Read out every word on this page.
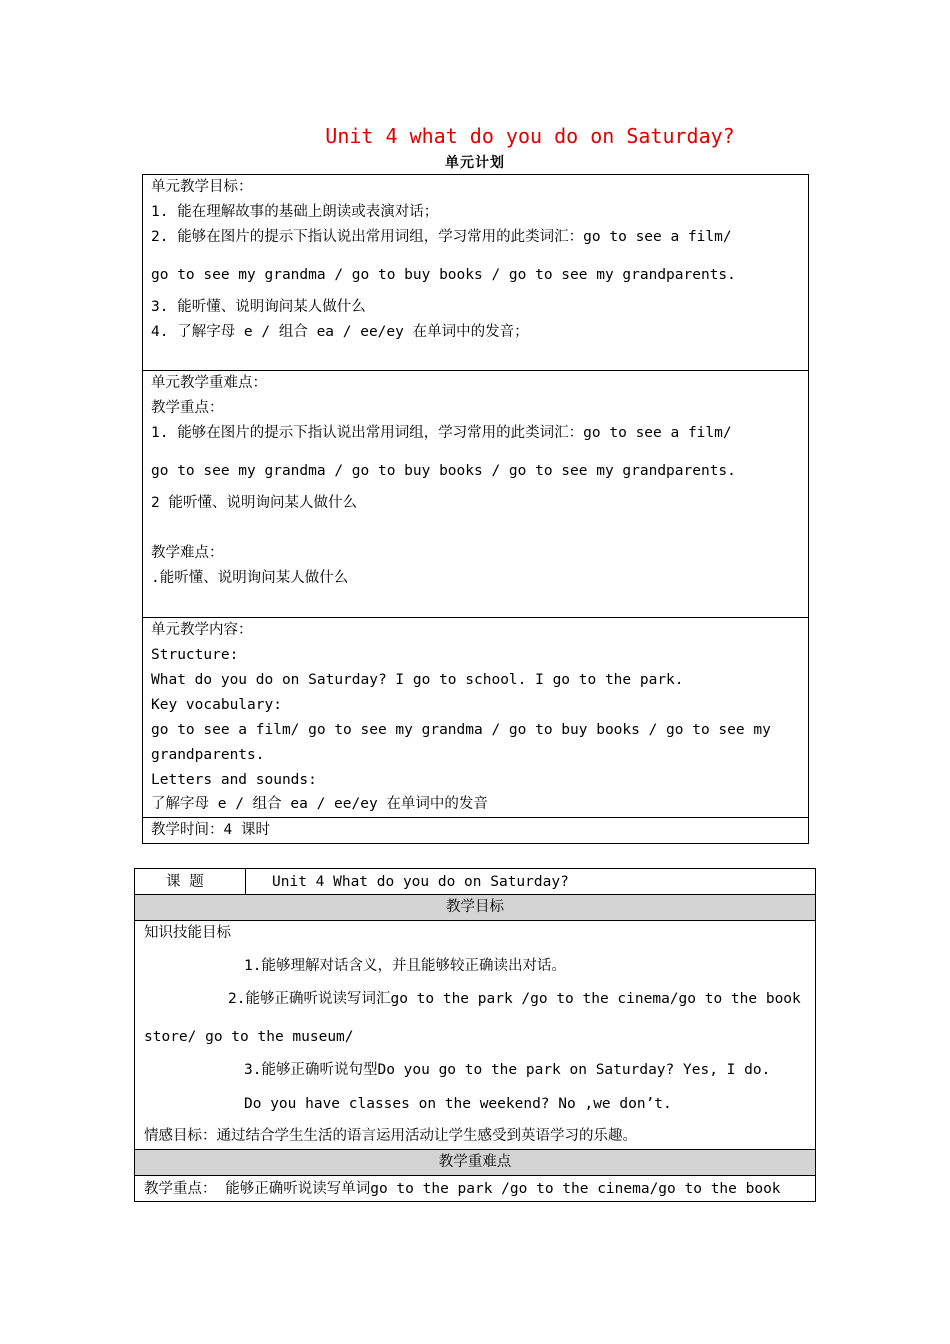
Unit 4 what do you do on Saturday?
单元计划
单元教学目标：
1. 能在理解故事的基础上朗读或表演对话；
2. 能够在图片的提示下指认说出常用词组，学习常用的此类词汇：go to see a film/
go to see my grandma / go to buy books / go to see my grandparents.
3. 能听懂、说明询问某人做什么
4. 了解字母 e / 组合 ea / ee/ey 在单词中的发音；
单元教学重难点：
教学重点：
1. 能够在图片的提示下指认说出常用词组，学习常用的此类词汇：go to see a film/
go to see my grandma / go to buy books / go to see my grandparents.
2 能听懂、说明询问某人做什么
教学难点：
.能听懂、说明询问某人做什么
单元教学内容：
Structure:
What do you do on Saturday? I go to school. I go to the park.
Key vocabulary:
go to see a film/ go to see my grandma / go to buy books / go to see my
grandparents.
Letters and sounds:
了解字母 e / 组合 ea / ee/ey 在单词中的发音
教学时间：4 课时
课 题	Unit 4 What do you do on Saturday?
教学目标
知识技能目标
1.能够理解对话含义，并且能够较正确读出对话。
2.能够正确听说读写词汇go to the park /go to the cinema/go to the book
store/ go to the museum/
3.能够正确听说句型Do you go to the park on Saturday? Yes, I do.
Do you have classes on the weekend? No ,we don’t.
情感目标：通过结合学生生活的语言运用活动让学生感受到英语学习的乐趣。
教学重难点
教学重点： 能够正确听说读写单词go to the park /go to the cinema/go to the book
